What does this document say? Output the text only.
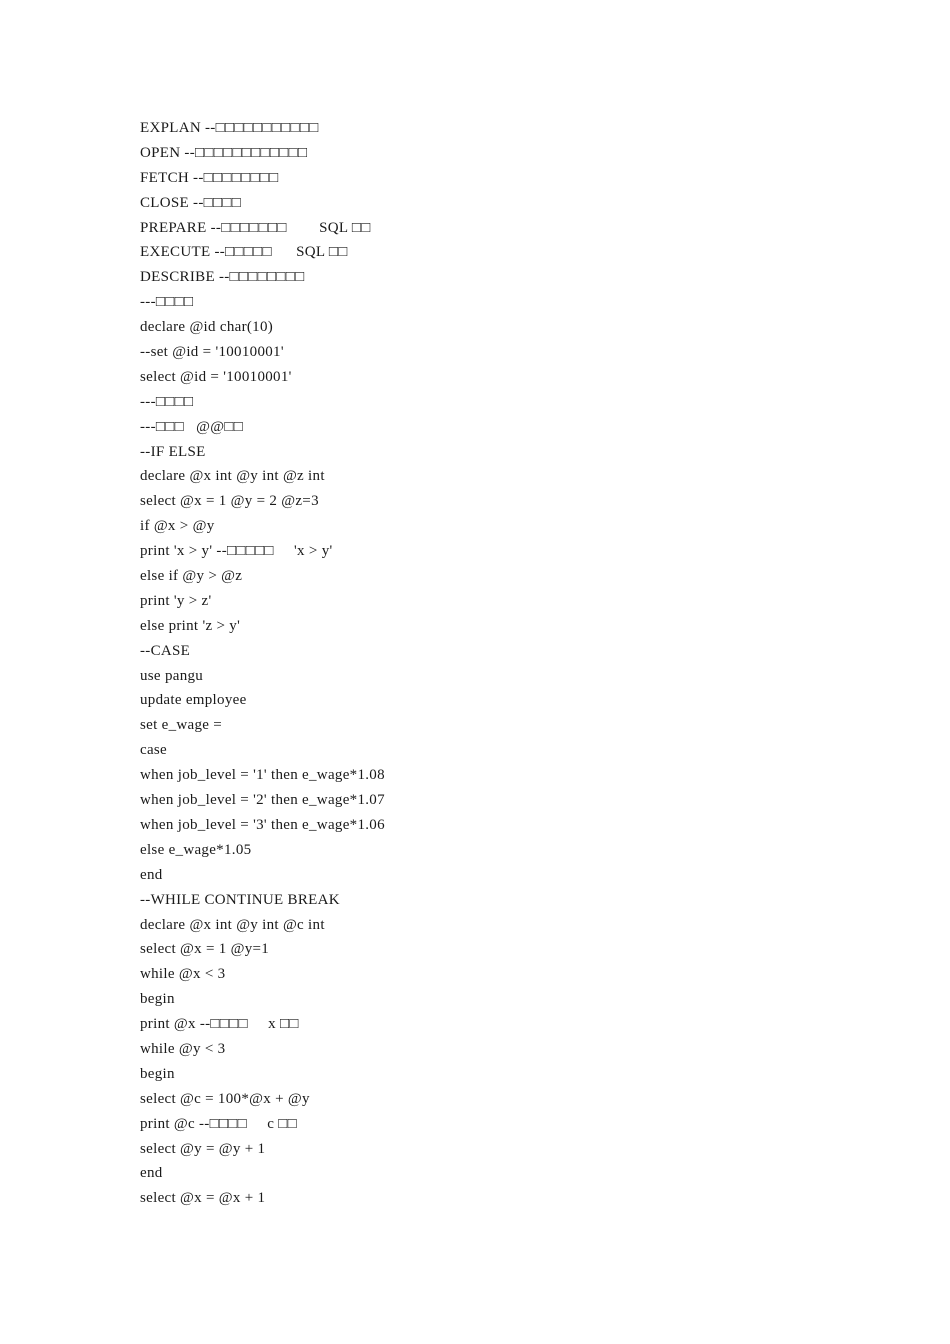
EXPLAN --□□□□□□□□□□□
OPEN --□□□□□□□□□□□□
FETCH --□□□□□□□□
CLOSE --□□□□
PREPARE --□□□□□□□        SQL □□
EXECUTE --□□□□□      SQL □□
DESCRIBE --□□□□□□□□
---□□□□
declare @id char(10)
--set @id = '10010001'
select @id = '10010001'
---□□□□
---□□□   @@□□
--IF ELSE
declare @x int @y int @z int
select @x = 1 @y = 2 @z=3
if @x > @y
print 'x > y' --□□□□□     'x > y'
else if @y > @z
print 'y > z'
else print 'z > y'
--CASE
use pangu
update employee
set e_wage =
case
when job_level = '1' then e_wage*1.08
when job_level = '2' then e_wage*1.07
when job_level = '3' then e_wage*1.06
else e_wage*1.05
end
--WHILE CONTINUE BREAK
declare @x int @y int @c int
select @x = 1 @y=1
while @x < 3
begin
print @x --□□□□     x □□
while @y < 3
begin
select @c = 100*@x + @y
print @c --□□□□     c □□
select @y = @y + 1
end
select @x = @x + 1
